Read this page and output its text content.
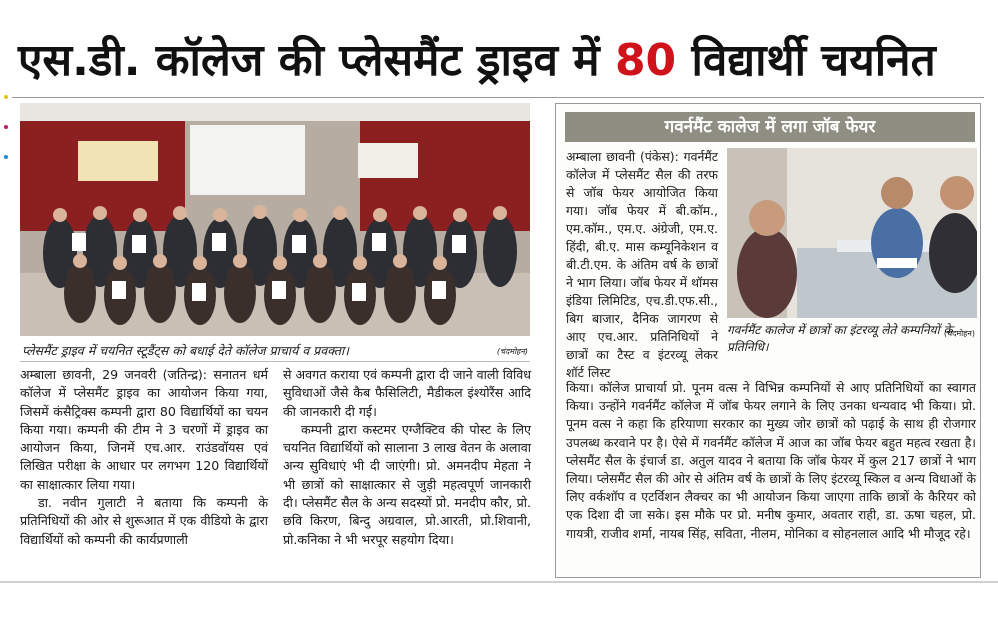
एस.डी. कॉलेज की प्लेसमैंट ड्राइव में 80 विद्यार्थी चयनित
प्लेसमैंट ड्राइव में चयनित स्टूडैंट्स को बधाई देते कॉलेज प्राचार्य व प्रवक्ता।	(चंदमोहन)

अम्बाला छावनी, 29 जनवरी (जतिन्द्र): सनातन धर्म कॉलेज में प्लेसमैंट ड्राइव का आयोजन किया गया, जिसमें कंसैट्रिक्स कम्पनी द्वारा 80 विद्यार्थियों का चयन किया गया। कम्पनी की टीम ने 3 चरणों में ड्राइव का आयोजन किया, जिनमें एच.आर. राउंडवॉयस एवं लिखित परीक्षा के आधार पर लगभग 120 विद्यार्थियों का साक्षात्कार लिया गया।

डा. नवीन गुलाटी ने बताया कि कम्पनी के प्रतिनिधियों की ओर से शुरूआत में एक वीडियो के द्वारा विद्यार्थियों को कम्पनी की कार्यप्रणाली

से अवगत कराया एवं कम्पनी द्वारा दी जाने वाली विविध सुविधाओं जैसे कैब फैसिलिटी, मैडीकल इंश्योरैंस आदि की जानकारी दी गई।

कम्पनी द्वारा कस्टमर एग्जैक्टिव की पोस्ट के लिए चयनित विद्यार्थियों को सालाना 3 लाख वेतन के अलावा अन्य सुविधाएं भी दी जाएंगी। प्रो. अमनदीप मेहता ने भी छात्रों को साक्षात्कार से जुड़ी महत्वपूर्ण जानकारी दी। प्लेसमैंट सैल के अन्य सदस्यों प्रो. मनदीप कौर, प्रो. छवि किरण, बिन्दु अग्रवाल, प्रो.आरती, प्रो.शिवानी, प्रो.कनिका ने भी भरपूर सहयोग दिया।

गवर्नमैंट कालेज में लगा जॉब फेयर

अम्बाला छावनी (पंकेस): गवर्नमैंट कॉलेज में प्लेसमैंट सैल की तरफ से जॉब फेयर आयोजित किया गया। जॉब फेयर में बी.कॉम., एम.कॉम., एम.ए. अंग्रेजी, एम.ए. हिंदी, बी.ए. मास कम्यूनिकेशन व बी.टी.एम. के अंतिम वर्ष के छात्रों ने भाग लिया। जॉब फेयर में थॉमस इंडिया लिमिटिड, एच.डी.एफ.सी., बिग बाजार, दैनिक जागरण से आए एच.आर. प्रतिनिधियों ने छात्रों का टैस्ट व इंटरव्यू लेकर शॉर्ट लिस्ट

गवर्नमैंट कालेज में छात्रों का इंटरव्यू लेते कम्पनियों के प्रतिनिधि।
(चंदमोहन)

किया। कॉलेज प्राचार्या प्रो. पूनम वत्स ने विभिन्न कम्पनियों से आए प्रतिनिधियों का स्वागत किया। उन्होंने गवर्नमैंट कॉलेज में जॉब फेयर लगाने के लिए उनका धन्यवाद भी किया। प्रो. पूनम वत्स ने कहा कि हरियाणा सरकार का मुख्य जोर छात्रों को पढ़ाई के साथ ही रोजगार उपलब्ध करवाने पर है। ऐसे में गवर्नमैंट कॉलेज में आज का जॉब फेयर बहुत महत्व रखता है। प्लेसमैंट सैल के इंचार्ज डा. अतुल यादव ने बताया कि जॉब फेयर में कुल 217 छात्रों ने भाग लिया। प्लेसमैंट सैल की ओर से अंतिम वर्ष के छात्रों के लिए इंटरव्यू स्किल व अन्य विधाओं के लिए वर्कशॉप व एटर्विशन लैक्चर का भी आयोजन किया जाएगा ताकि छात्रों के कैरियर को एक दिशा दी जा सके। इस मौके पर प्रो. मनीष कुमार, अवतार राही, डा. ऊषा चहल, प्रो. गायत्री, राजीव शर्मा, नायब सिंह, सविता, नीलम, मोनिका व सोहनलाल आदि भी मौजूद रहे।
